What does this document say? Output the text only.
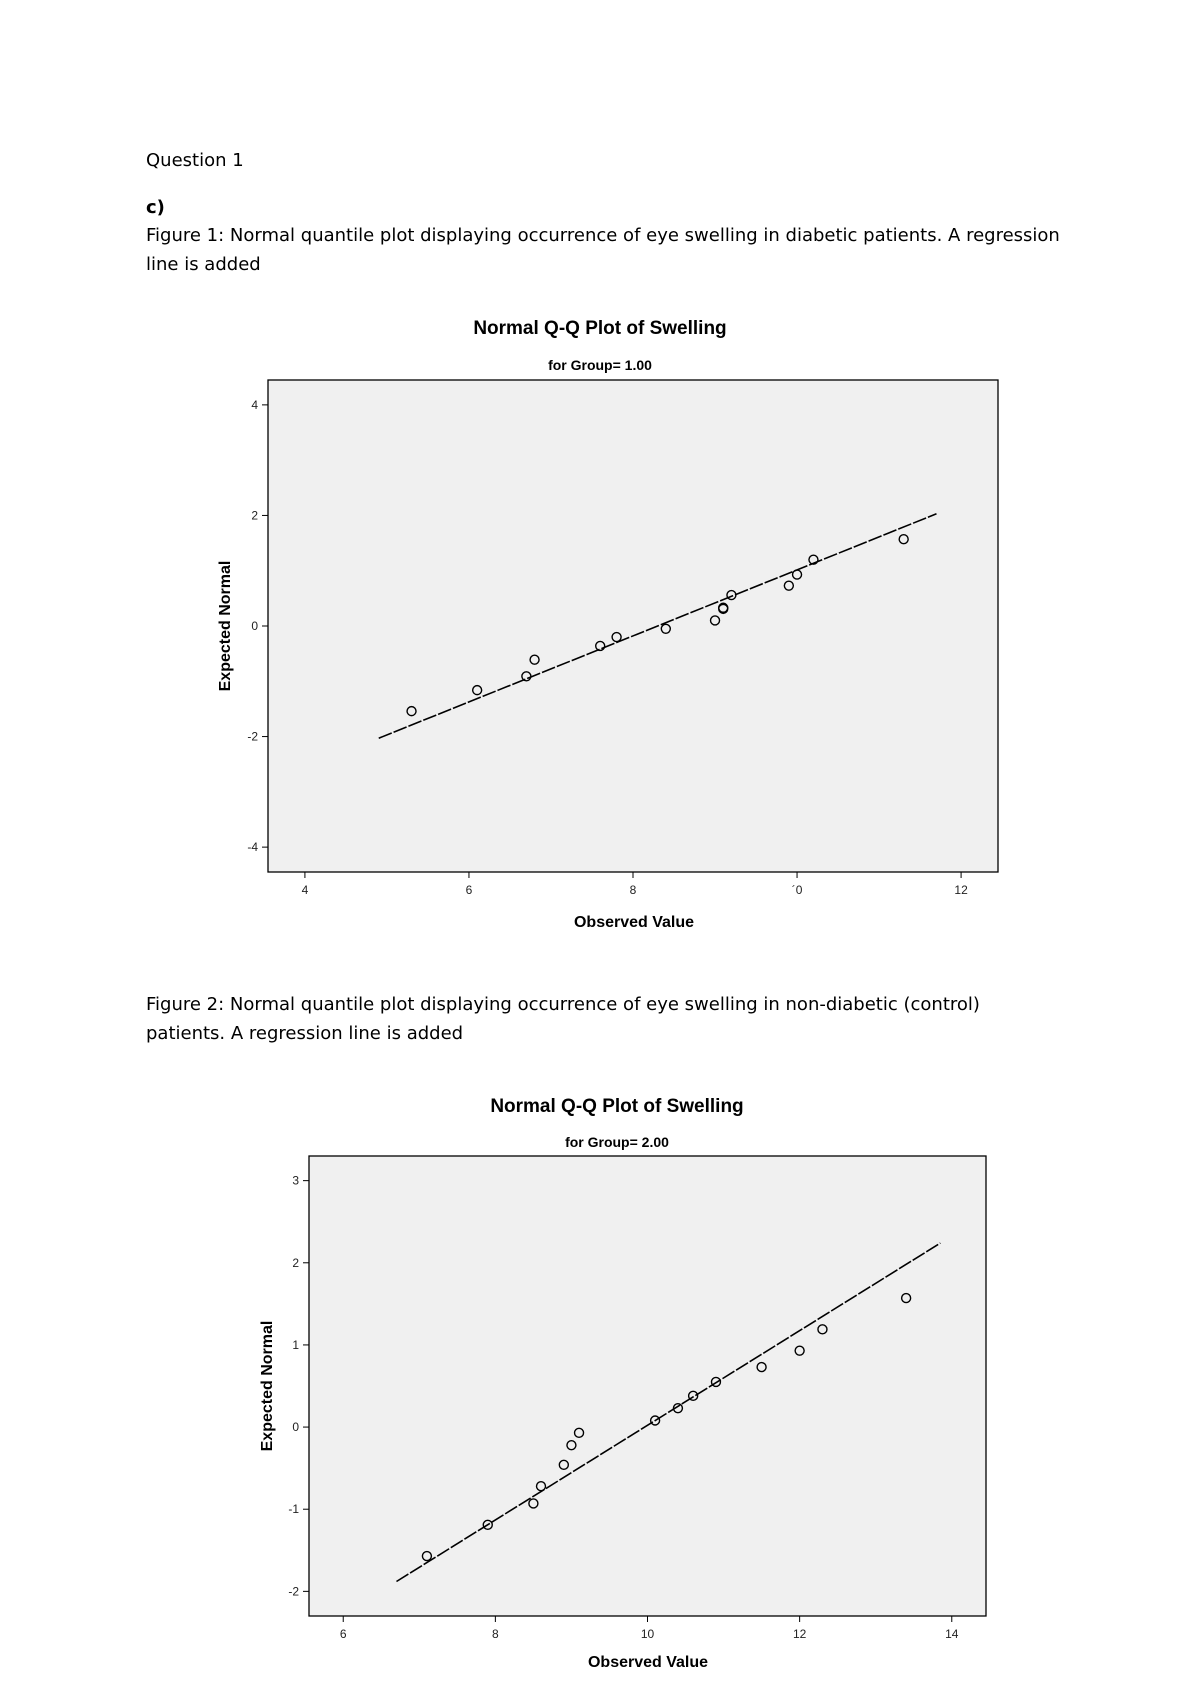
Question 1
c)
Figure 1: Normal quantile plot displaying occurrence of eye swelling in diabetic patients. A regression
line is added
Normal Q-Q Plot of Swelling
for Group= 1.00
Observed Value
Expected Normal
4	6	8	´0	12
4
2
0
-2
-4
Figure 2: Normal quantile plot displaying occurrence of eye swelling in non-diabetic (control)
patients. A regression line is added
Normal Q-Q Plot of Swelling
for Group= 2.00
Observed Value
Expected Normal
6	8	10	12	14
3
2
1
0
-1
-2
